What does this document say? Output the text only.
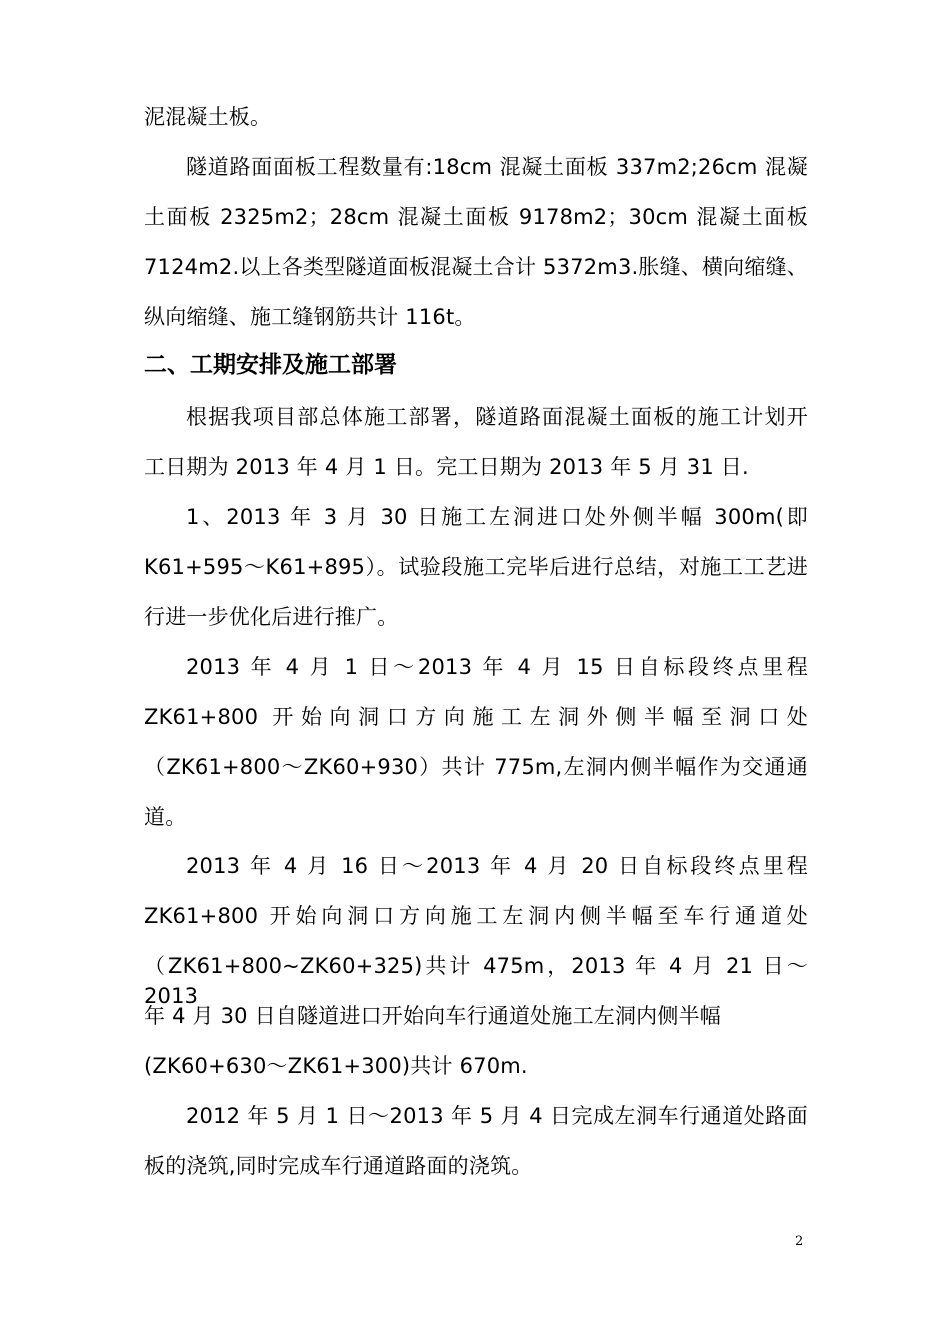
泥混凝土板。
隧道路面面板工程数量有:18cm 混凝土面板 337m2;26cm 混凝
土面板 2325m2；28cm 混凝土面板 9178m2；30cm 混凝土面板
7124m2.以上各类型隧道面板混凝土合计 5372m3.胀缝、横向缩缝、
纵向缩缝、施工缝钢筋共计 116t。
二、工期安排及施工部署
根据我项目部总体施工部署，隧道路面混凝土面板的施工计划开
工日期为 2013 年 4 月 1 日。完工日期为 2013 年 5 月 31 日.
1、2013 年 3 月 30 日施工左洞进口处外侧半幅 300m(即
K61+595～K61+895）。试验段施工完毕后进行总结，对施工工艺进
行进一步优化后进行推广。
2013 年 4 月 1 日～2013 年 4 月 15 日自标段终点里程
ZK61+800 开始向洞口方向施工左洞外侧半幅至洞口处
（ZK61+800～ZK60+930）共计 775m,左洞内侧半幅作为交通通
道。
2013 年 4 月 16 日～2013 年 4 月 20 日自标段终点里程
ZK61+800 开始向洞口方向施工左洞内侧半幅至车行通道处
（ZK61+800~ZK60+325)共计 475m，2013 年 4 月 21 日～2013
年 4 月 30 日自隧道进口开始向车行通道处施工左洞内侧半幅
(ZK60+630～ZK61+300)共计 670m.
2012 年 5 月 1 日～2013 年 5 月 4 日完成左洞车行通道处路面
板的浇筑,同时完成车行通道路面的浇筑。
2
